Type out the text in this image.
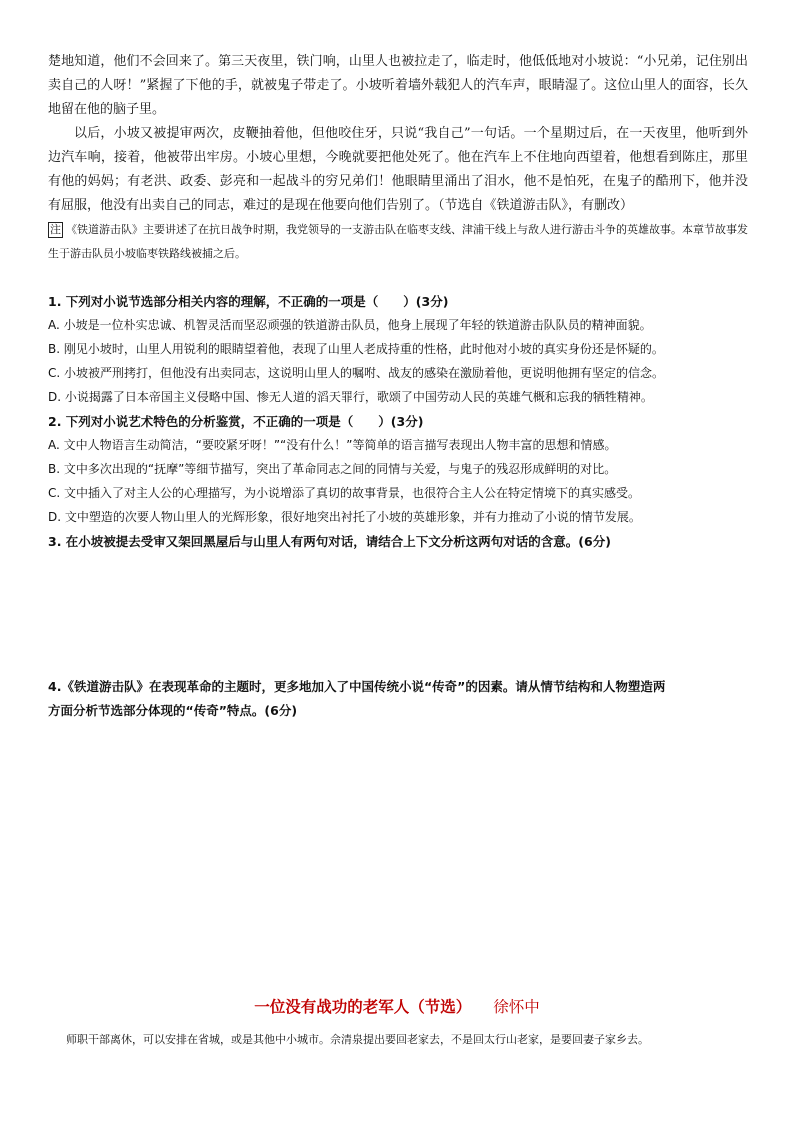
楚地知道，他们不会回来了。第三天夜里，铁门响，山里人也被拉走了，临走时，他低低地对小坡说：“小兄弟，记住别出卖自己的人呀！”紧握了下他的手，就被鬼子带走了。小坡听着墙外载犯人的汽车声，眼睛湿了。这位山里人的面容，长久地留在他的脑子里。

以后，小坡又被提审两次，皮鞭抽着他，但他咬住牙，只说“我自己”一句话。一个星期过后，在一天夜里，他听到外边汽车响，接着，他被带出牢房。小坡心里想，今晚就要把他处死了。他在汽车上不住地向西望着，他想看到陈庄，那里有他的妈妈；有老洪、政委、彭亮和一起战斗的穷兄弟们！他眼睛里涌出了泪水，他不是怕死，在鬼子的酷刑下，他并没有屈服，他没有出卖自己的同志，难过的是现在他要向他们告别了。（节选自《铁道游击队》，有删改）

注 《铁道游击队》主要讲述了在抗日战争时期，我党领导的一支游击队在临枣支线、津浦干线上与敌人进行游击斗争的英雄故事。本章节故事发生于游击队员小坡临枣铁路线被捕之后。

1. 下列对小说节选部分相关内容的理解，不正确的一项是（　　）(3分)

A. 小坡是一位朴实忠诚、机智灵活而坚忍顽强的铁道游击队员，他身上展现了年轻的铁道游击队队员的精神面貌。

B. 刚见小坡时，山里人用锐利的眼睛望着他，表现了山里人老成持重的性格，此时他对小坡的真实身份还是怀疑的。

C. 小坡被严刑拷打，但他没有出卖同志，这说明山里人的嘱咐、战友的感染在激励着他，更说明他拥有坚定的信念。

D. 小说揭露了日本帝国主义侵略中国、惨无人道的滔天罪行，歌颂了中国劳动人民的英雄气概和忘我的牺牲精神。

2. 下列对小说艺术特色的分析鉴赏，不正确的一项是（　　）(3分)

A. 文中人物语言生动简洁，“要咬紧牙呀！”“没有什么！”等简单的语言描写表现出人物丰富的思想和情感。

B. 文中多次出现的“抚摩”等细节描写，突出了革命同志之间的同情与关爱，与鬼子的残忍形成鲜明的对比。

C. 文中插入了对主人公的心理描写，为小说增添了真切的故事背景，也很符合主人公在特定情境下的真实感受。

D. 文中塑造的次要人物山里人的光辉形象，很好地突出衬托了小坡的英雄形象，并有力推动了小说的情节发展。

3. 在小坡被提去受审又架回黑屋后与山里人有两句对话，请结合上下文分析这两句对话的含意。(6分)

4.《铁道游击队》在表现革命的主题时，更多地加入了中国传统小说“传奇”的因素。请从情节结构和人物塑造两

方面分析节选部分体现的“传奇”特点。(6分)

一位没有战功的老军人（节选） 徐怀中

师职干部离休，可以安排在省城，或是其他中小城市。佘清泉提出要回老家去，不是回太行山老家，是要回妻子家乡去。
